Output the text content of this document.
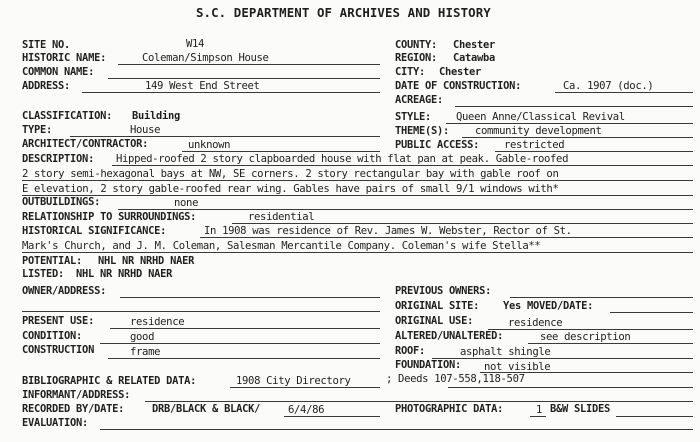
S.C. DEPARTMENT OF ARCHIVES AND HISTORY
SITE NO.	W14	COUNTY: Chester
HISTORIC NAME:	Coleman/Simpson House	REGION: Catawba
COMMON NAME:	CITY: Chester
ADDRESS:	149 West End Street	DATE OF CONSTRUCTION:	Ca. 1907 (doc.)
ACREAGE:
CLASSIFICATION: Building	STYLE: Queen Anne/Classical Revival
TYPE:	House	THEME(S): community development
ARCHITECT/CONTRACTOR:	unknown	PUBLIC ACCESS: restricted
DESCRIPTION: Hipped-roofed 2 story clapboarded house with flat pan at peak. Gable-roofed
2 story semi-hexagonal bays at NW, SE corners. 2 story rectangular bay with gable roof on
E elevation, 2 story gable-roofed rear wing. Gables have pairs of small 9/1 windows with*
OUTBUILDINGS:	none
RELATIONSHIP TO SURROUNDINGS:	residential
HISTORICAL SIGNIFICANCE:	In 1908 was residence of Rev. James W. Webster, Rector of St.
Mark's Church, and J. M. Coleman, Salesman Mercantile Company. Coleman's wife Stella**
POTENTIAL: NHL NR NRHD NAER
LISTED: NHL NR NRHD NAER
OWNER/ADDRESS:	PREVIOUS OWNERS:
ORIGINAL SITE: Yes MOVED/DATE:
PRESENT USE:	residence	ORIGINAL USE:	residence
CONDITION:	good	ALTERED/UNALTERED:	see description
CONSTRUCTION	frame	ROOF:	asphalt shingle
FOUNDATION: not visible
BIBLIOGRAPHIC & RELATED DATA:	1908 City Directory	; Deeds 107-558,118-507
INFORMANT/ADDRESS:
RECORDED BY/DATE:	DRB/BLACK & BLACK/	6/4/86	PHOTOGRAPHIC DATA:	1 B&W SLIDES
EVALUATION:
